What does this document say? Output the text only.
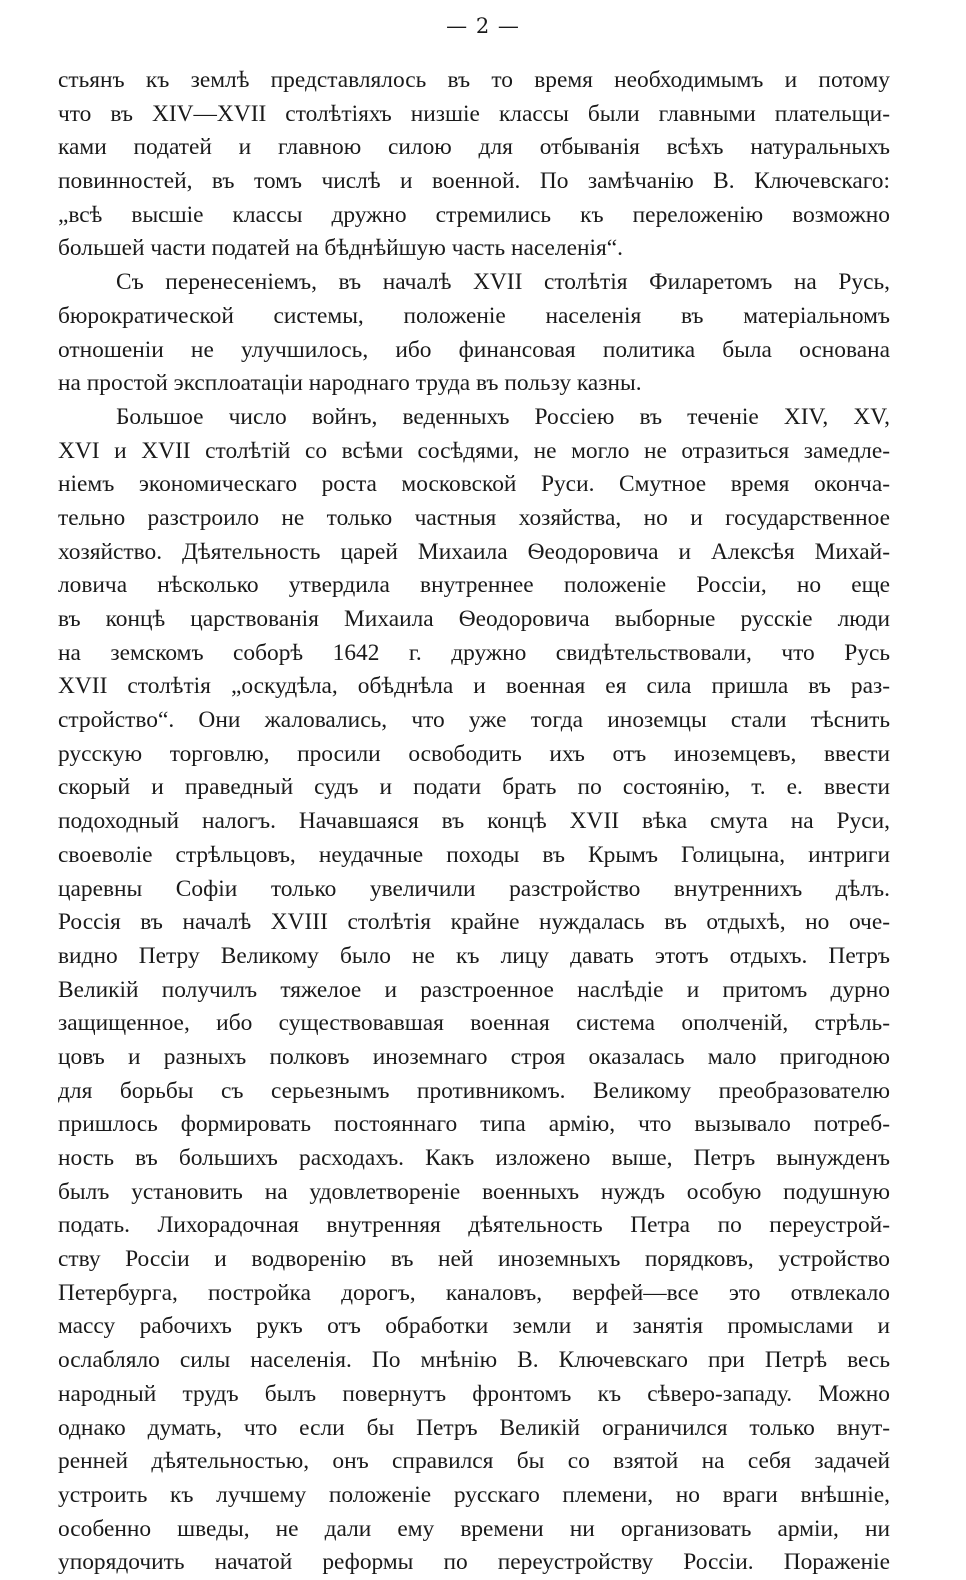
— 2 —
стьянъ къ землѣ представлялось въ то время необходимымъ и потому
что въ XIV—XVII столѣтіяхъ низшіе классы были главными плательщи-
ками податей и главною силою для отбыванія всѣхъ натуральныхъ
повинностей, въ томъ числѣ и военной. По замѣчанію В. Ключевскаго:
„всѣ высшіе классы дружно стремились къ переложенію возможно
большей части податей на бѣднѣйшую часть населенія“.
Съ перенесеніемъ, въ началѣ XVII столѣтія Филаретомъ на Русь,
бюрократической системы, положеніе населенія въ матеріальномъ
отношеніи не улучшилось, ибо финансовая политика была основана
на простой эксплоатаціи народнаго труда въ пользу казны.
Большое число войнъ, веденныхъ Россіею въ теченіе XIV, XV,
XVI и XVII столѣтій со всѣми сосѣдями, не могло не отразиться замедле-
ніемъ экономическаго роста московской Руси. Смутное время оконча-
тельно разстроило не только частныя хозяйства, но и государственное
хозяйство. Дѣятельность царей Михаила Ѳеодоровича и Алексѣя Михай-
ловича нѣсколько утвердила внутреннее положеніе Россіи, но еще
въ концѣ царствованія Михаила Ѳеодоровича выборные русскіе люди
на земскомъ соборѣ 1642 г. дружно свидѣтельствовали, что Русь
XVII столѣтія „оскудѣла, обѣднѣла и военная ея сила пришла въ раз-
стройство“. Они жаловались, что уже тогда иноземцы стали тѣснить
русскую торговлю, просили освободить ихъ отъ иноземцевъ, ввести
скорый и праведный судъ и подати брать по состоянію, т. е. ввести
подоходный налогъ. Начавшаяся въ концѣ XVII вѣка смута на Руси,
своеволіе стрѣльцовъ, неудачные походы въ Крымъ Голицына, интриги
царевны Софіи только увеличили разстройство внутреннихъ дѣлъ.
Россія въ началѣ XVIII столѣтія крайне нуждалась въ отдыхѣ, но оче-
видно Петру Великому было не къ лицу давать этотъ отдыхъ. Петръ
Великій получилъ тяжелое и разстроенное наслѣдіе и притомъ дурно
защищенное, ибо существовавшая военная система ополченій, стрѣль-
цовъ и разныхъ полковъ иноземнаго строя оказалась мало пригодною
для борьбы съ серьезнымъ противникомъ. Великому преобразователю
пришлось формировать постояннаго типа армію, что вызывало потреб-
ность въ большихъ расходахъ. Какъ изложено выше, Петръ вынужденъ
былъ установить на удовлетвореніе военныхъ нуждъ особую подушную
подать. Лихорадочная внутренняя дѣятельность Петра по переустрой-
ству Россіи и водворенію въ ней иноземныхъ порядковъ, устройство
Петербурга, постройка дорогъ, каналовъ, верфей—все это отвлекало
массу рабочихъ рукъ отъ обработки земли и занятія промыслами и
ослабляло силы населенія. По мнѣнію В. Ключевскаго при Петрѣ весь
народный трудъ былъ повернутъ фронтомъ къ сѣверо-западу. Можно
однако думать, что если бы Петръ Великій ограничился только внут-
ренней дѣятельностью, онъ справился бы со взятой на себя задачей
устроить къ лучшему положеніе русскаго племени, но враги внѣшніе,
особенно шведы, не дали ему времени ни организовать арміи, ни
упорядочить начатой реформы по переустройству Россіи. Пораженіе
